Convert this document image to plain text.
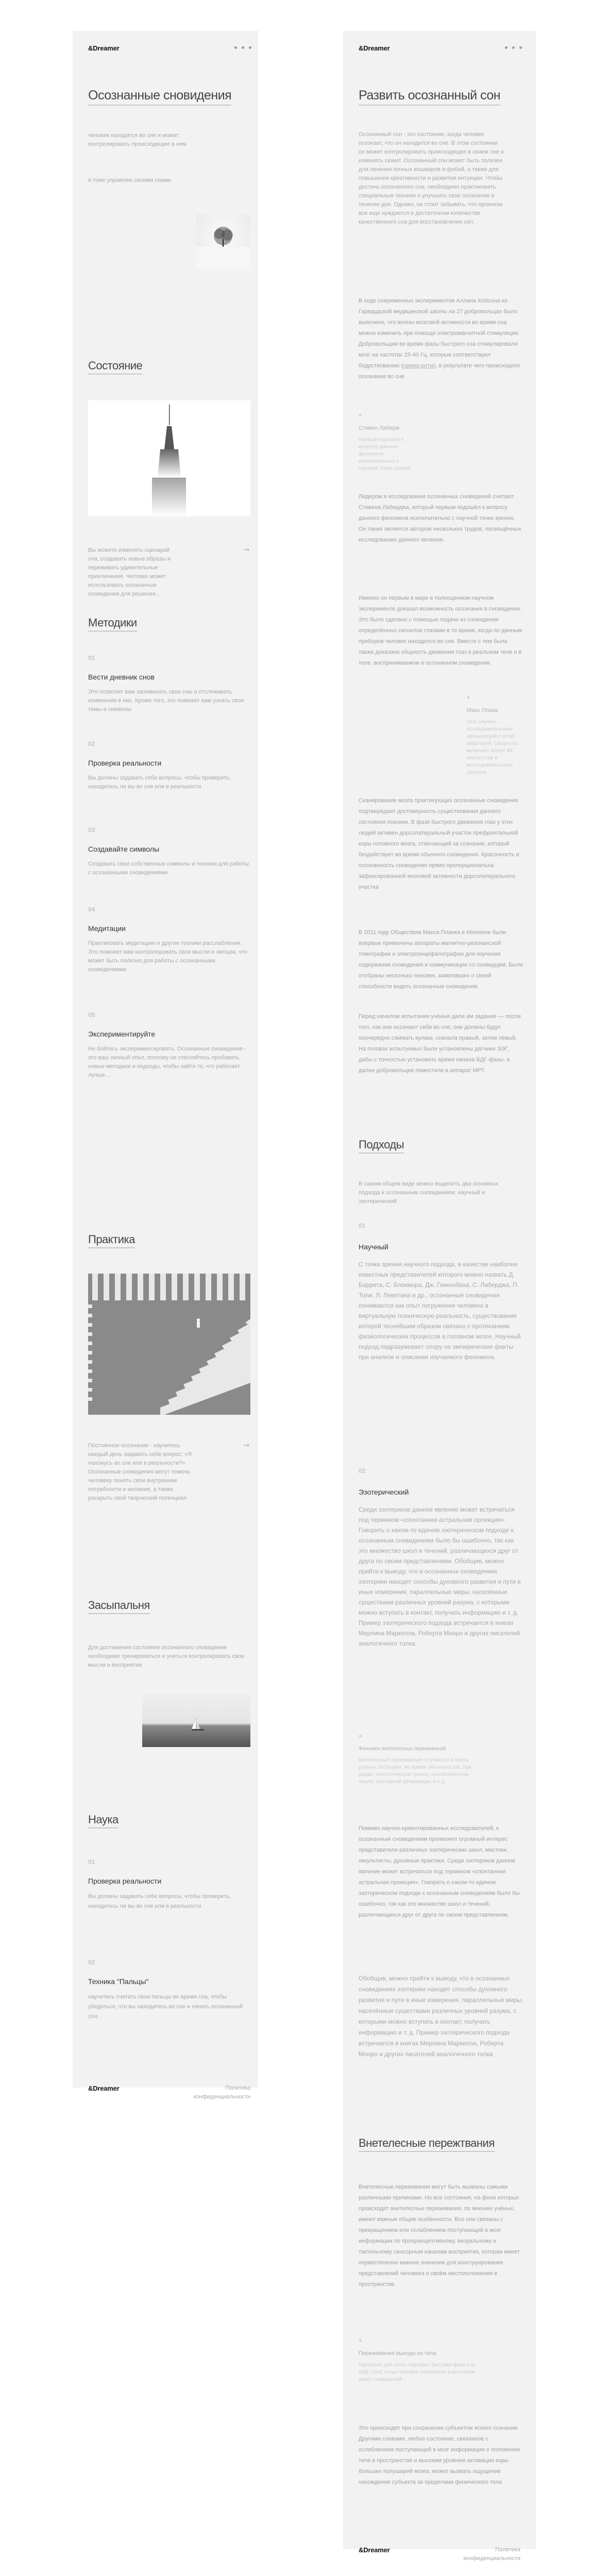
&Dreamer
Осознанные сновидения
человек находится во сне и может контролировать происходящее в нем
я тоже управляю своими снами
Состояние
Вы можете изменять сценарий сна, создавать новые образы и переживать удивительные приключения. Человек может использовать осознанные сновидения для решения…
→
Методики
01
Вести дневник снов
Это позволит вам запоминать свои сны и отслеживать изменения в них. Кроме того, это поможет вам узнать свои темы и символы
02
Проверка реальности
Вы должны задавать себе вопросы, чтобы проверить, находитесь ли вы во сне или в реальности
03
Создавайте символы
Создавать свои собственные символы и техники для работы с осознанными сновидениями.
04
Медитации
Практиковать медитацию и другие техники расслабления. Это поможет вам контролировать свои мысли и эмоции, что может быть полезно для работы с осознанными сновидениями
05
Экспериментируйте
Не бойтесь экспериментировать. Осознанные сновидения - это ваш личный опыт, поэтому не стесняйтесь пробовать новые методики и подходы, чтобы найти то, что работает лучше…
Практика
Постоянное осознание - научитесь каждый день задавать себе вопрос: «Я нахожусь во сне или в реальности?» Осознанные сновидения могут помочь человеку понять свои внутренние потребности и желания, а также раскрыть свой творческий потенциал
→
Засыпальня
Для достижения состояния осознанного сновидения необходимо тренироваться и учиться контролировать свои мысли и восприятие
Наука
01
Проверка реальности
Вы должны задавать себе вопросы, чтобы проверить, находитесь ли вы во сне или в реальности
02
Техника "Пальцы"
научитесь считать свои пальцы во время сна, чтобы убедиться, что вы находитесь во сне и начать осознанный сон.
&Dreamer	Политика конфиденциальности
&Dreamer
Развить осознанный сон
Осознанный сон - это состояние, когда человек осознает, что он находится во сне. В этом состоянии он может контролировать происходящее в своем сне и изменять сюжет. Осознанный сон может быть полезен для лечения ночных кошмаров и фобий, а также для повышения креативности и развития интуиции. Чтобы достичь осознанного сна, необходимо практиковать специальные техники и улучшать свое осознание в течение дня. Однако, не стоит забывать, что организм все еще нуждается в достаточном количестве качественного сна для восстановления сил.
В ходе современных экспериментов Аллана Хобсона из Гарвардской медицинской школы на 27 добровольцах было выяснено, что волны мозговой активности во время сна можно изменить при помощи электромагнитной стимуляции. Добровольцам во время фазы быстрого сна стимулировали мозг на частотах 25-40 Гц, которые соответствуют бодрствованию (гамма-ритм), в результате чего происходило осознание во сне
*
Стивен Лаберж
первым подошёл к вопросу данного феномена исключительно с научной точки зрения
Лидером в исследовании осознанных сновидений считают Стивена Лаберджа, который первым подошёл к вопросу данного феномена исключительно с научной точки зрения. Он также является автором нескольких трудов, посвящённых исследованию данного явления.
Именно он первым в мире в полноценном научном эксперименте доказал возможность осознания в сновидении. Это было сделано с помощью подачи из сновидения определённых сигналов глазами в то время, когда по данным приборов человек находился во сне. Вместе с тем была также доказана общность движения глаз в реальном теле и в теле, воспринимаемом в осознанном сновидении.
*
Макс Планк
сеть научно-исследовательских организаций с штаб-квартирой. Общество включает более 80 институтов и исследовательских центров
Сканирование мозга практикующих осознанные сновидения подтверждает достоверность существования данного состояния психики. В фазе быстрого движения глаз у этих людей активен дорсолатеральный участок префронтальной коры головного мозга, отвечающий за сознание, который бездействует во время обычного сновидения. Красочность и осознанность сновидения прямо пропорциональна зафиксированной мозговой активности дорсолатерального участка
В 2011 году Обществом Макса Планка в Мюнхене были впервые применены аппараты магнитно-резонансной томографии и электроэнцефалографии для изучения содержания сновидения и коммуникации со сновидцем. Были отобраны несколько человек, заявлявших о своей способности видеть осознанные сновидения.
Перед началом испытания учёные дали им задание — после того, как они осознают себя во сне, они должны будут поочерёдно сжимать кулаки, сначала правый, затем левый. На головах испытуемых были установлены датчики ЭЭГ, дабы с точностью установить время начала БДГ-фазы, а далее добровольцев поместили в аппарат МРТ.
Подходы
В самом общем виде можно выделить два основных подхода к осознанным сновидениям: научный и эзотерический
01
Научный
С точки зрения научного подхода, в качестве наиболее известных представителей которого можно назвать Д. Баррета, С. Блэкмора, Дж. Гаккенбаха, С. Лаберджа, П. Толи, Л. Левитана и др., осознанные сновидения понимаются как опыт погружения человека в виртуальную психическую реальность, существование которой теснейшим образом связано с протеканием физиологических процессов в головном мозге. Научный подход подразумевает опору на эмпирические факты при анализе и описании изучаемого феномена.
02
Эзотерический
Среди эзотериков данное явление может встречаться под термином «спонтанная астральная проекция». Говорить о каком-то едином эзотерическом подходе к осознанным сновидениям было бы ошибочно, так как это множество школ и течений, различающихся друг от друга по своим представлениям. Обобщив, можно прийти к выводу, что в осознанных сновидениях эзотерики находят способы духовного развития и пути в иные измерения, параллельные миры, населённые существами различных уровней разума, с которыми можно вступать в контакт, получать информацию и т. д. Пример эзотерического подхода встречается в книгах Мерлина Маркелла, Роберта Монро и других писателей аналогичного толка.
*
Феномен внетелесных переживаний
внетелесные переживания случаются в очень разных ситуациях: во время обычного сна, при родах, гипнотическом трансе, околосмертном опыте, сенсорной депривации и т. д.
Помимо научно-ориентированных исследователей, к осознанным сновидениям проявляют огромный интерес представители различных эзотерических школ, мистики, оккультисты, духовные практики. Среди эзотериков данное явление может встречаться под термином «спонтанная астральная проекция». Говорить о каком-то едином эзотерическом подходе к осознанным сновидениям было бы ошибочно, так как это множество школ и течений, различающихся друг от друга по своим представлениям.
Обобщив, можно прийти к выводу, что в осознанных сновидениях эзотерики находят способы духовного развития и пути в иные измерения, параллельные миры, населённые существами различных уровней разума, с которыми можно вступать в контакт, получать информацию и т. д. Пример эзотерического подхода встречается в книгах Мерлина Маркелла, Роберта Монро и других писателей аналогичного толка
Внетелесные пережтвания
Внетелесные переживания могут быть вызваны самыми различными причинами. Но все состояния, на фоне которых происходят внетелесные переживания, по мнению учёных, имеют важные общие особенности. Все они связаны с прекращением или ослаблением поступающей в мозг информации по проприоцептивному, визуальному и тактильному сенсорным каналам восприятия, которая имеет первостепенно важное значение для конструирования представлений человека о своём местоположении в пространстве.
*
Переживания выхода из тела
Идеально для этого подходит быстрая фаза сна (БДГ-сон), когда человек становится участником ярких сновидений
Это происходит при сохранении субъектом ясного сознания. Другими словами, любое состояние, связанное с ослаблением поступающей в мозг информации о положении тела в пространстве и высоким уровнем активации коры больших полушарий мозга, может вызвать ощущение нахождения субъекта за пределами физического тела
&Dreamer	Политика конфиденциальности
